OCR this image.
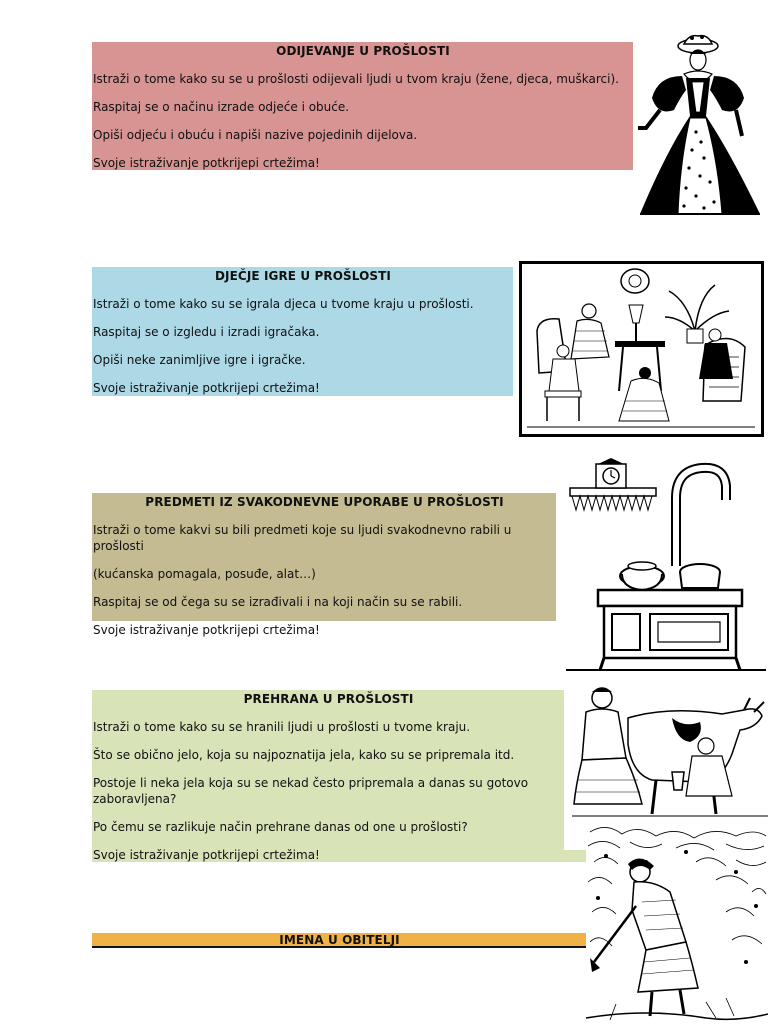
ODIJEVANJE U PROŠLOSTI

Istraži o tome kako su se u prošlosti odijevali ljudi u tvom kraju (žene, djeca, muškarci).

Raspitaj se o načinu izrade odjeće i obuće.

Opiši odjeću i obuću i napiši nazive pojedinih dijelova.

Svoje istraživanje potkrijepi crtežima!

DJEČJE IGRE U PROŠLOSTI

Istraži o tome kako su se igrala djeca u tvome kraju u prošlosti.

Raspitaj se o izgledu i izradi igračaka.

Opiši neke zanimljive igre i igračke.

Svoje istraživanje potkrijepi crtežima!

PREDMETI IZ SVAKODNEVNE UPORABE U PROŠLOSTI

Istraži o tome kakvi su bili predmeti koje su ljudi svakodnevno rabili u prošlosti

(kućanska pomagala, posuđe, alat…)

Raspitaj se od čega su se izrađivali i na koji način su se rabili.

Svoje istraživanje potkrijepi crtežima!

PREHRANA U PROŠLOSTI

Istraži o tome kako su se hranili ljudi u prošlosti u tvome kraju.

Što se obično jelo, koja su najpoznatija jela, kako su se pripremala itd.

Postoje li neka jela koja su se nekad često pripremala a danas su gotovo zaboravljena?

Po čemu se razlikuje način prehrane danas od one u prošlosti?

Svoje istraživanje potkrijepi crtežima!

IMENA U OBITELJI
